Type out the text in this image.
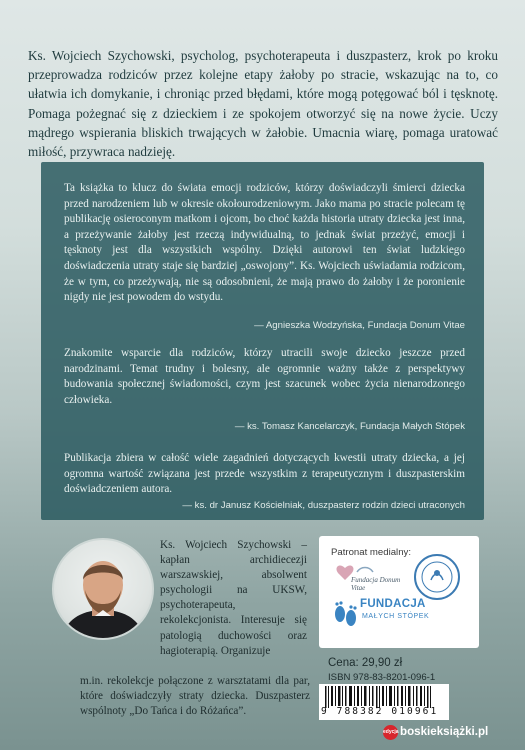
Ks. Wojciech Szychowski, psycholog, psychoterapeuta i duszpasterz, krok po kroku przeprowadza rodziców przez kolejne etapy żałoby po stracie, wskazując na to, co ułatwia ich domykanie, i chroniąc przed błędami, które mogą potęgować ból i tęsknotę. Pomaga pożegnać się z dzieckiem i ze spokojem otworzyć się na nowe życie. Uczy mądrego wspierania bliskich trwających w żałobie. Umacnia wiarę, pomaga uratować miłość, przywraca nadzieję.

Ta książka to klucz do świata emocji rodziców, którzy doświadczyli śmierci dziecka przed narodzeniem lub w okresie okołourodzeniowym. Jako mama po stracie polecam tę publikację osieroconym matkom i ojcom, bo choć każda historia utraty dziecka jest inna, a przeżywanie żałoby jest rzeczą indywidualną, to jednak świat przeżyć, emocji i tęsknoty jest dla wszystkich wspólny. Dzięki autorowi ten świat ludzkiego doświadczenia utraty staje się bardziej „oswojony”. Ks. Wojciech uświadamia rodzicom, że w tym, co przeżywają, nie są odosobnieni, że mają prawo do żałoby i że poronienie nigdy nie jest powodem do wstydu.

— Agnieszka Wodzyńska, Fundacja Donum Vitae

Znakomite wsparcie dla rodziców, którzy utracili swoje dziecko jeszcze przed narodzinami. Temat trudny i bolesny, ale ogromnie ważny także z perspektywy budowania społecznej świadomości, czym jest szacunek wobec życia nienarodzonego człowieka.

— ks. Tomasz Kancelarczyk, Fundacja Małych Stópek

Publikacja zbiera w całość wiele zagadnień dotyczących kwestii utraty dziecka, a jej ogromna wartość związana jest przede wszystkim z terapeutycznym i duszpasterskim doświadczeniem autora.

— ks. dr Janusz Kościelniak, duszpasterz rodzin dzieci utraconych

Ks. Wojciech Szychowski – kapłan archidiecezji warszawskiej, absolwent psychologii na UKSW, psychoterapeuta, rekolekcjonista. Interesuje się patologią duchowości oraz hagioterapią. Organizuje

m.in. rekolekcje połączone z warsztatami dla par, które doświadczyły straty dziecka. Duszpasterz wspólnoty „Do Tańca i do Różańca”.

Patronat medialny:
Fundacja Donum Vitae
FUNDACJA
MAŁYCH STÓPEK
Cena: 29,90 zł
ISBN 978-83-8201-096-1
9 788382 010961
edycja boskieksiążki.pl
